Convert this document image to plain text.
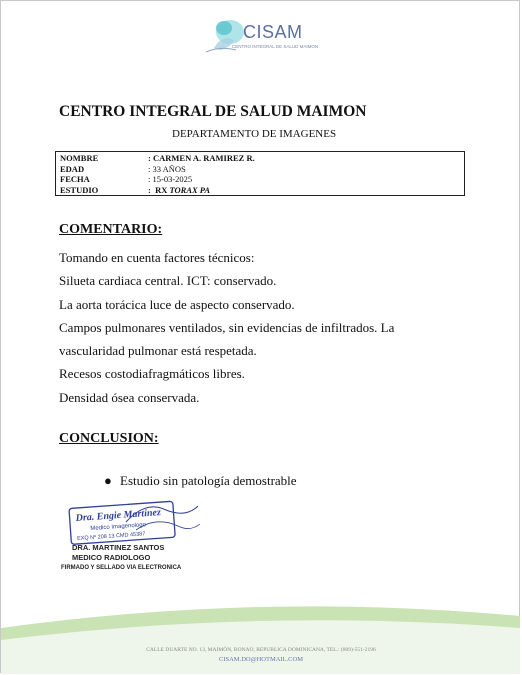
CISAM
CENTRO INTEGRAL DE SALUD MAIMON
CENTRO INTEGRAL DE SALUD MAIMON
DEPARTAMENTO DE IMAGENES
NOMBRE	: CARMEN A. RAMIREZ R.
EDAD	: 33 AÑOS
FECHA	: 15-03-2025
ESTUDIO	:  RX TORAX PA
COMENTARIO:
Tomando en cuenta factores técnicos:
Silueta cardiaca central. ICT: conservado.
La aorta torácica luce de aspecto conservado.
Campos pulmonares ventilados, sin evidencias de infiltrados. La
vascularidad pulmonar está respetada.
Recesos costodiafragmáticos libres.
Densidad ósea conservada.
CONCLUSION:
● Estudio sin patología demostrable
Dra. Engie Martinez
Medico Imagenologo
EXQ Nº 208 13 CMD 45387
DRA. MARTINEZ SANTOS
MEDICO RADIOLOGO
FIRMADO Y SELLADO VIA ELECTRONICA
CALLE DUARTE NO. 13, MAIMÓN, BONAO, REPUBLICA DOMINICANA, TEL.: (809)-551-2196
CISAM.DO@HOTMAIL.COM
